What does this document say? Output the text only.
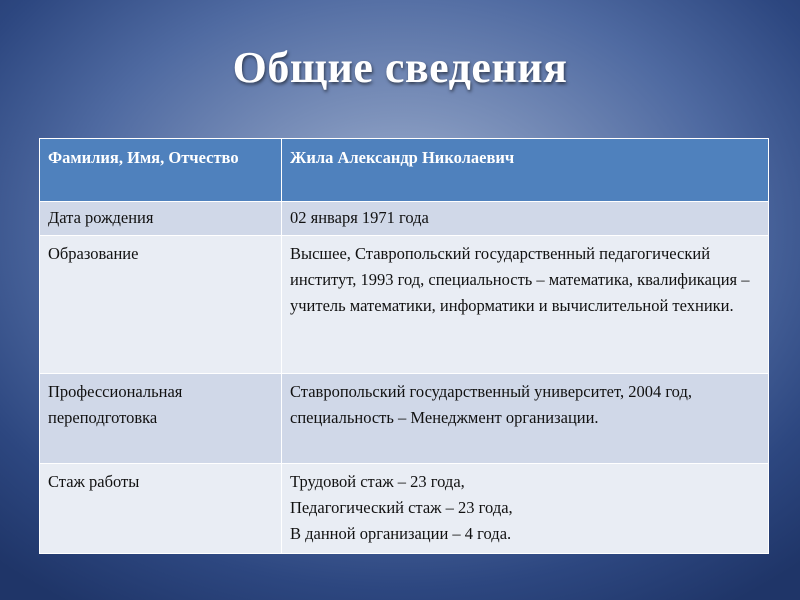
Общие сведения
Фамилия, Имя, Отчество	Жила Александр Николаевич
Дата рождения	02 января 1971 года
Образование	Высшее, Ставропольский государственный педагогический институт, 1993 год, специальность – математика, квалификация – учитель математики, информатики и вычислительной техники.
Профессиональная переподготовка	Ставропольский государственный университет, 2004 год, специальность – Менеджмент организации.
Стаж работы	Трудовой стаж – 23 года,
Педагогический стаж – 23 года,
В данной организации – 4 года.
